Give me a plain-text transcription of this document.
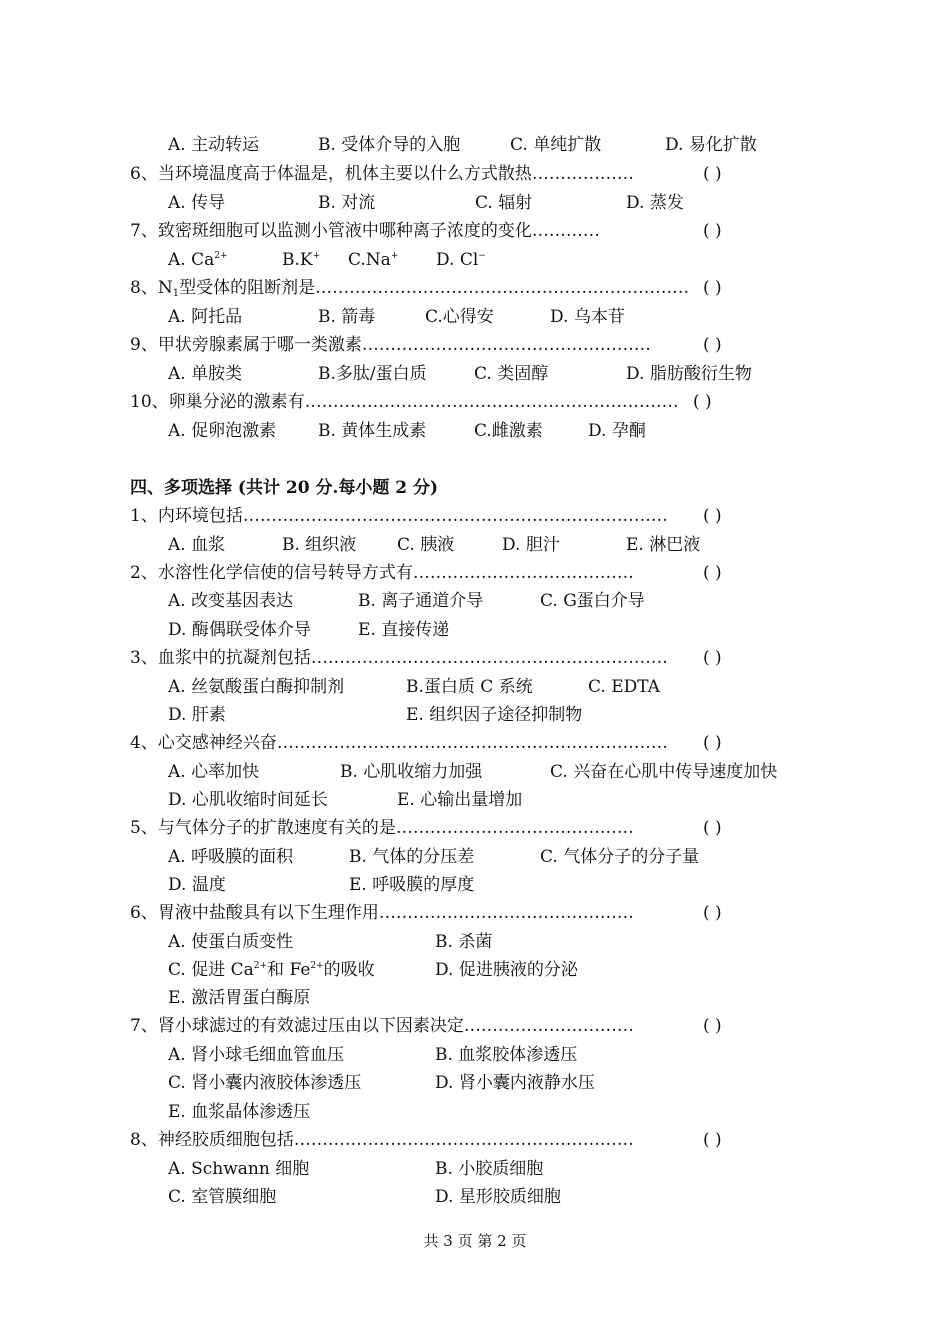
A. 主动转运	B. 受体介导的入胞	C. 单纯扩散	D. 易化扩散
6、当环境温度高于体温是，机体主要以什么方式散热………………	( )
A. 传导	B. 对流	C. 辐射	D. 蒸发
7、致密斑细胞可以监测小管液中哪种离子浓度的变化…………	( )
A. $Ca^{2+}$	B.K+ C.Na+ D. Cl−
8、$N_1$型受体的阻断剂是………………………………………………………… ( )
A. 阿托品	B. 箭毒	C.心得安	D. 乌本苷
9、甲状旁腺素属于哪一类激素……………………………………………	( )
A. 单胺类	B.多肽/蛋白质	C. 类固醇	D. 脂肪酸衍生物
10、卵巢分泌的激素有………………………………………………………… ( )
A. 促卵泡激素 B. 黄体生成素	C.雌激素	D. 孕酮
四、多项选择 (共计 20 分.每小题 2 分)
1、内环境包括………………………………………………………………… ( )
A. 血浆	B. 组织液 C. 胰液	D. 胆汁	E. 淋巴液
2、水溶性化学信使的信号转导方式有…………………………………	( )
A. 改变基因表达	B. 离子通道介导	C. G蛋白介导
D. 酶偶联受体介导	E. 直接传递
3、血浆中的抗凝剂包括……………………………………………………… ( )
A. 丝氨酸蛋白酶抑制剂	B.蛋白质 C 系统	C. EDTA
D. 肝素	E. 组织因子途径抑制物
4、心交感神经兴奋…………………………………………………………… ( )
A. 心率加快	B. 心肌收缩力加强	C. 兴奋在心肌中传导速度加快
D. 心肌收缩时间延长	E. 心输出量增加
5、与气体分子的扩散速度有关的是……………………………………	( )
A. 呼吸膜的面积	B. 气体的分压差	C. 气体分子的分子量
D. 温度	E. 呼吸膜的厚度
6、胃液中盐酸具有以下生理作用………………………………………	( )
A. 使蛋白质变性	B. 杀菌
C. 促进 $Ca^{2+}$和 $Fe^{2+}$的吸收	D. 促进胰液的分泌
E. 激活胃蛋白酶原
7、肾小球滤过的有效滤过压由以下因素决定…………………………	( )
A. 肾小球毛细血管血压	B. 血浆胶体渗透压
C. 肾小囊内液胶体渗透压	D. 肾小囊内液静水压
E. 血浆晶体渗透压
8、神经胶质细胞包括……………………………………………………	( )
A. Schwann 细胞	B. 小胶质细胞
C. 室管膜细胞	D. 星形胶质细胞
共 3 页 第 2 页
